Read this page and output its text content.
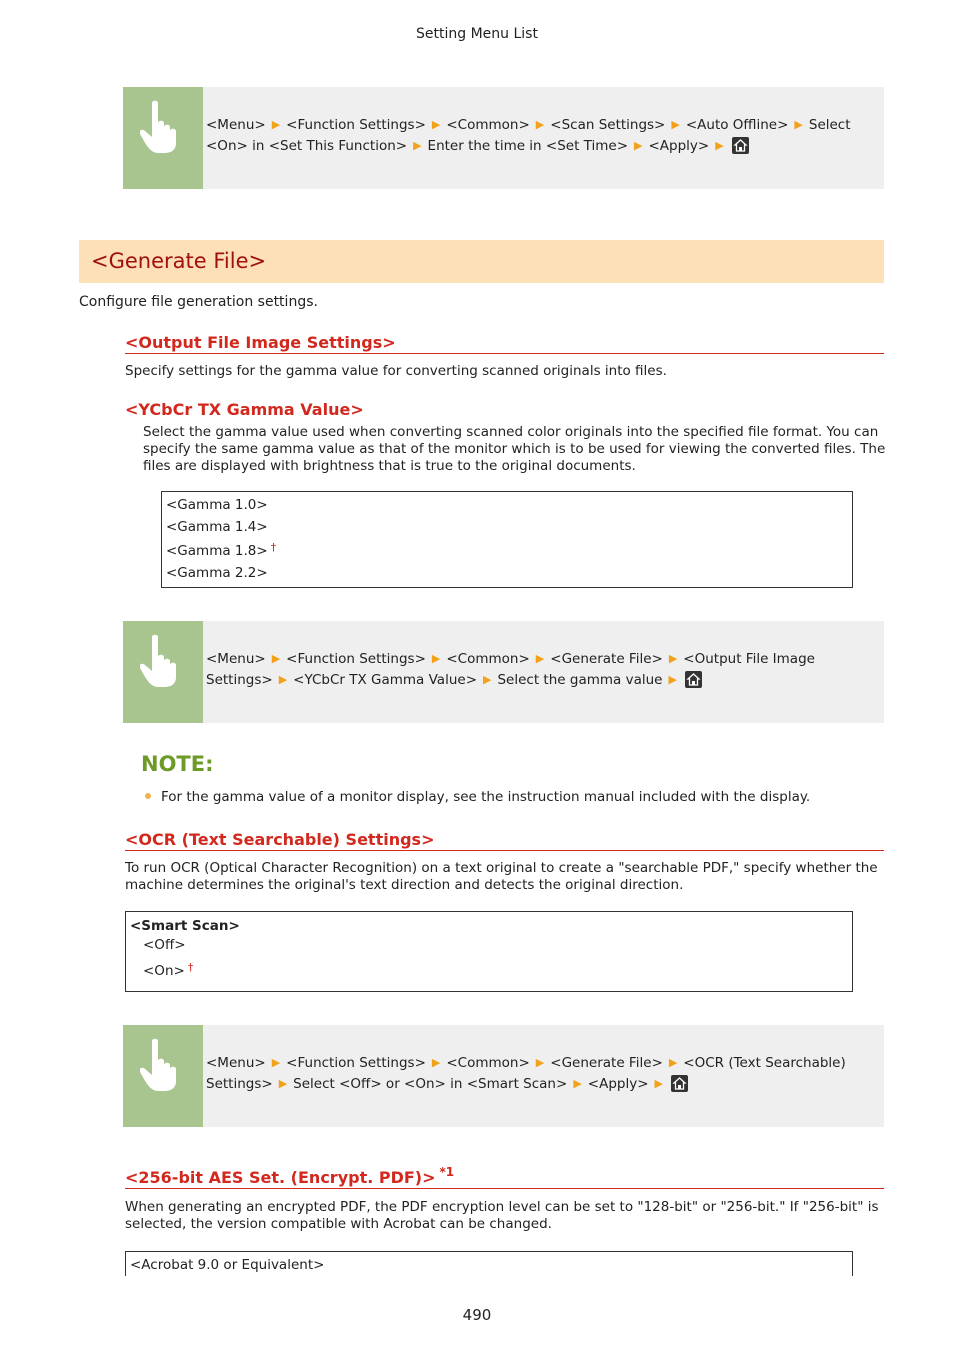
Setting Menu List
<Menu> ▶ <Function Settings> ▶ <Common> ▶ <Scan Settings> ▶ <Auto Offline> ▶ Select <On> in <Set This Function> ▶ Enter the time in <Set Time> ▶ <Apply> ▶
<Generate File>
Configure file generation settings.
<Output File Image Settings>
Specify settings for the gamma value for converting scanned originals into files.
<YCbCr TX Gamma Value>
Select the gamma value used when converting scanned color originals into the specified file format. You can
specify the same gamma value as that of the monitor which is to be used for viewing the converted files. The
files are displayed with brightness that is true to the original documents.
<Gamma 1.0>
<Gamma 1.4>
<Gamma 1.8> †
<Gamma 2.2>
<Menu> ▶ <Function Settings> ▶ <Common> ▶ <Generate File> ▶ <Output File Image Settings> ▶ <YCbCr TX Gamma Value> ▶ Select the gamma value ▶
NOTE:
For the gamma value of a monitor display, see the instruction manual included with the display.
<OCR (Text Searchable) Settings>
To run OCR (Optical Character Recognition) on a text original to create a "searchable PDF," specify whether the
machine determines the original's text direction and detects the original direction.
<Smart Scan>
<Off>
<On> †
<Menu> ▶ <Function Settings> ▶ <Common> ▶ <Generate File> ▶ <OCR (Text Searchable)
Settings> ▶ Select <Off> or <On> in <Smart Scan> ▶ <Apply> ▶
<256-bit AES Set. (Encrypt. PDF)> $^{*1}$
When generating an encrypted PDF, the PDF encryption level can be set to "128-bit" or "256-bit." If "256-bit" is
selected, the version compatible with Acrobat can be changed.
<Acrobat 9.0 or Equivalent>
490
